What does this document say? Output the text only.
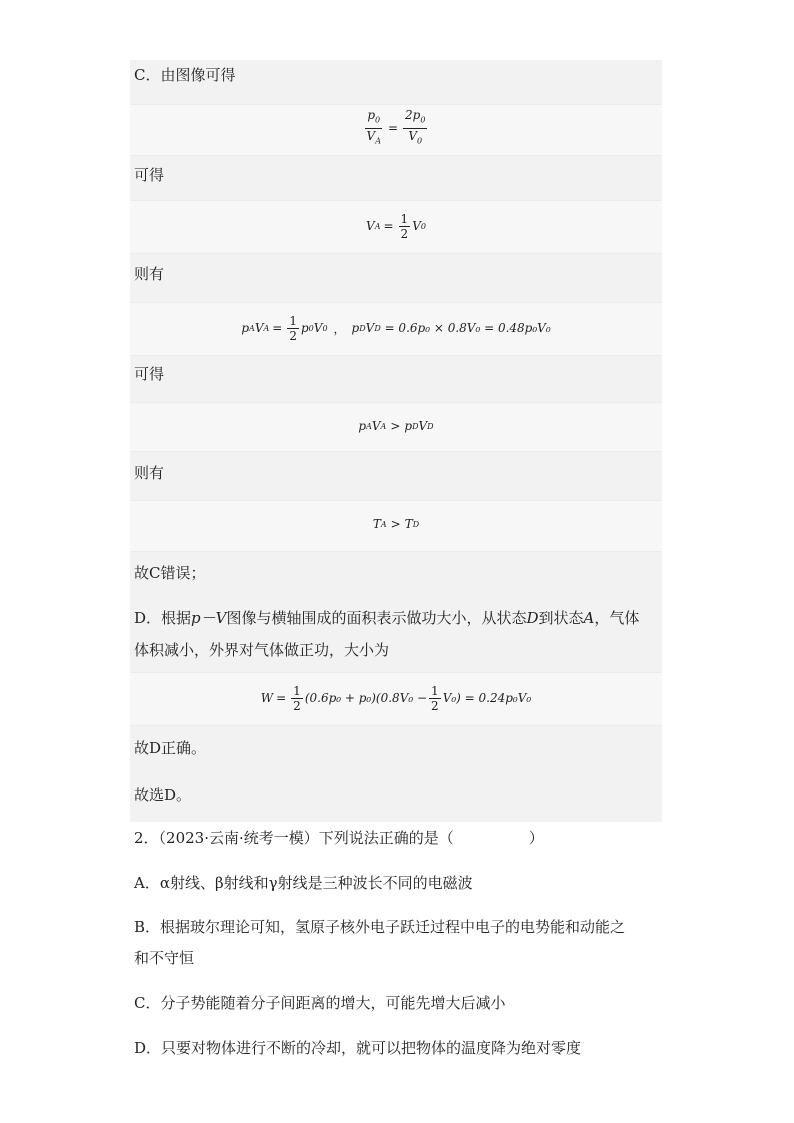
C．由图像可得
$\frac{p_0}{V_A} = \frac{2p_0}{V_0}$
可得
V $A = \frac{1}{2}$ V 0
则有
p A V $A = \frac{1}{2}$ p 0 V 0 ， p D V D = 0.6p₀ × 0.8V₀ = 0.48p₀V₀
可得
p A V A > p D V D
则有
T A > T D
故C错误；
D．根据p－V图像与横轴围成的面积表示做功大小，从状态D到状态A，气体
体积减小，外界对气体做正功，大小为
$W = \frac{1}{2} (0.6p_0 + p_0)(0.8V_0 - \frac{1}{2} V_0) = 0.24p_0V_0$
故D正确。
故选D。
2．（2023·云南·统考一模）下列说法正确的是（　　　　　）
A．α射线、β射线和γ射线是三种波长不同的电磁波
B．根据玻尔理论可知，氢原子核外电子跃迁过程中电子的电势能和动能之
和不守恒
C．分子势能随着分子间距离的增大，可能先增大后减小
D．只要对物体进行不断的冷却，就可以把物体的温度降为绝对零度
